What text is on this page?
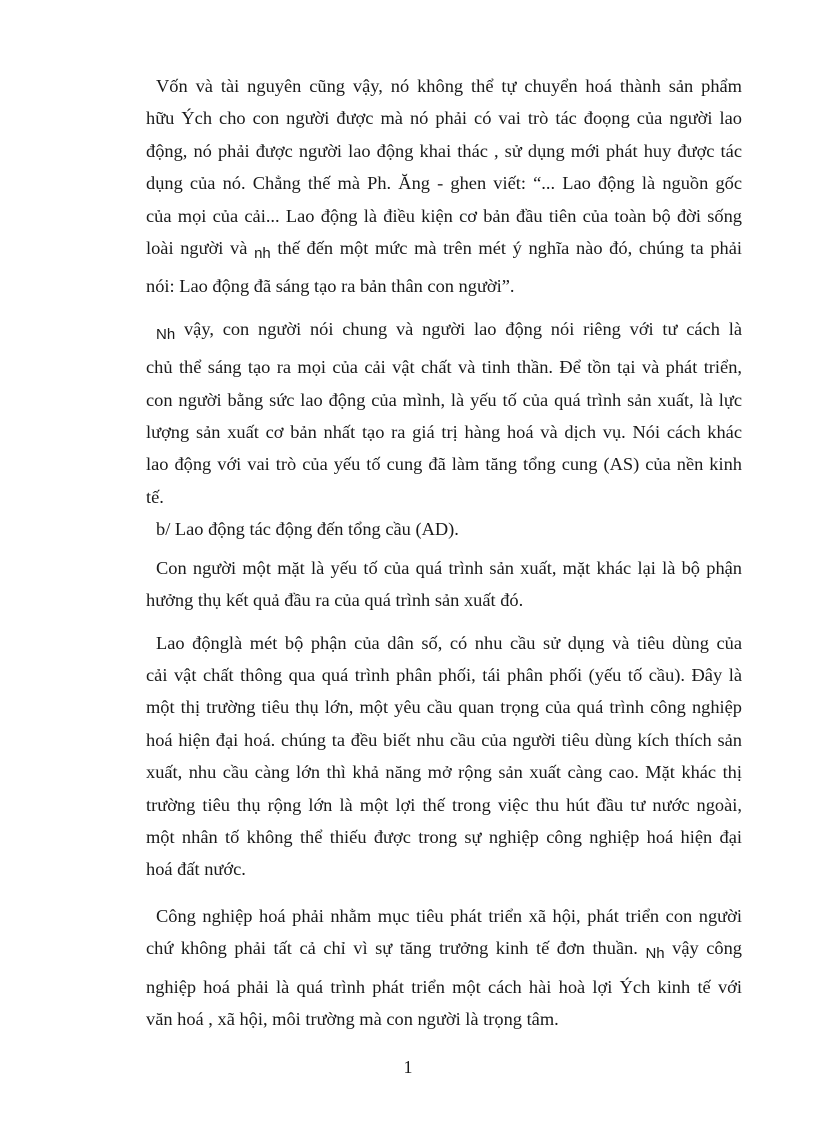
Vốn và tài nguyên cũng vậy, nó không thể tự chuyển hoá thành sản phẩm
hữu Ých cho con người được mà nó phải có vai trò tác đoọng của người lao
động, nó phải được người lao động khai thác , sử dụng mới phát huy được tác
dụng của nó. Chẳng thế mà Ph. Ăng - ghen viết: “... Lao động là nguồn gốc
của mọi của cải... Lao động là điều kiện cơ bản đầu tiên của toàn bộ đời sống
loài người và $_{nh}$ thế đến một mức mà trên mét ý nghĩa nào đó, chúng ta phải
nói: Lao động đã sáng tạo ra bản thân con người”.
$_{Nh}$ vậy, con người nói chung và người lao động nói riêng với tư cách là
chủ thể sáng tạo ra mọi của cải vật chất và tinh thần. Để tồn tại và phát triển,
con người bằng sức lao động của mình, là yếu tố của quá trình sản xuất, là lực
lượng sản xuất cơ bản nhất tạo ra giá trị hàng hoá và dịch vụ. Nói cách khác
lao động với vai trò của yếu tố cung đã làm tăng tổng cung (AS) của nền kinh
tế.
b/ Lao động tác động đến tổng cầu (AD).
Con người một mặt là yếu tố của quá trình sản xuất, mặt khác lại là bộ phận
hưởng thụ kết quả đầu ra của quá trình sản xuất đó.
Lao độnglà mét bộ phận của dân số, có nhu cầu sử dụng và tiêu dùng của
cải vật chất thông qua quá trình phân phối, tái phân phối (yếu tố cầu). Đây là
một thị trường tiêu thụ lớn, một yêu cầu quan trọng của quá trình công nghiệp
hoá hiện đại hoá. chúng ta đều biết nhu cầu của người tiêu dùng kích thích sản
xuất, nhu cầu càng lớn thì khả năng mở rộng sản xuất càng cao. Mặt khác thị
trường tiêu thụ rộng lớn là một lợi thế trong việc thu hút đầu tư nước ngoài,
một nhân tố không thể thiếu được trong sự nghiệp công nghiệp hoá hiện đại
hoá đất nước.
Công nghiệp hoá phải nhằm mục tiêu phát triển xã hội, phát triển con người
chứ không phải tất cả chỉ vì sự tăng trưởng kinh tế đơn thuần. $_{Nh}$ vậy công
nghiệp hoá phải là quá trình phát triển một cách hài hoà lợi Ých kinh tế với
văn hoá , xã hội, môi trường mà con người là trọng tâm.
1
